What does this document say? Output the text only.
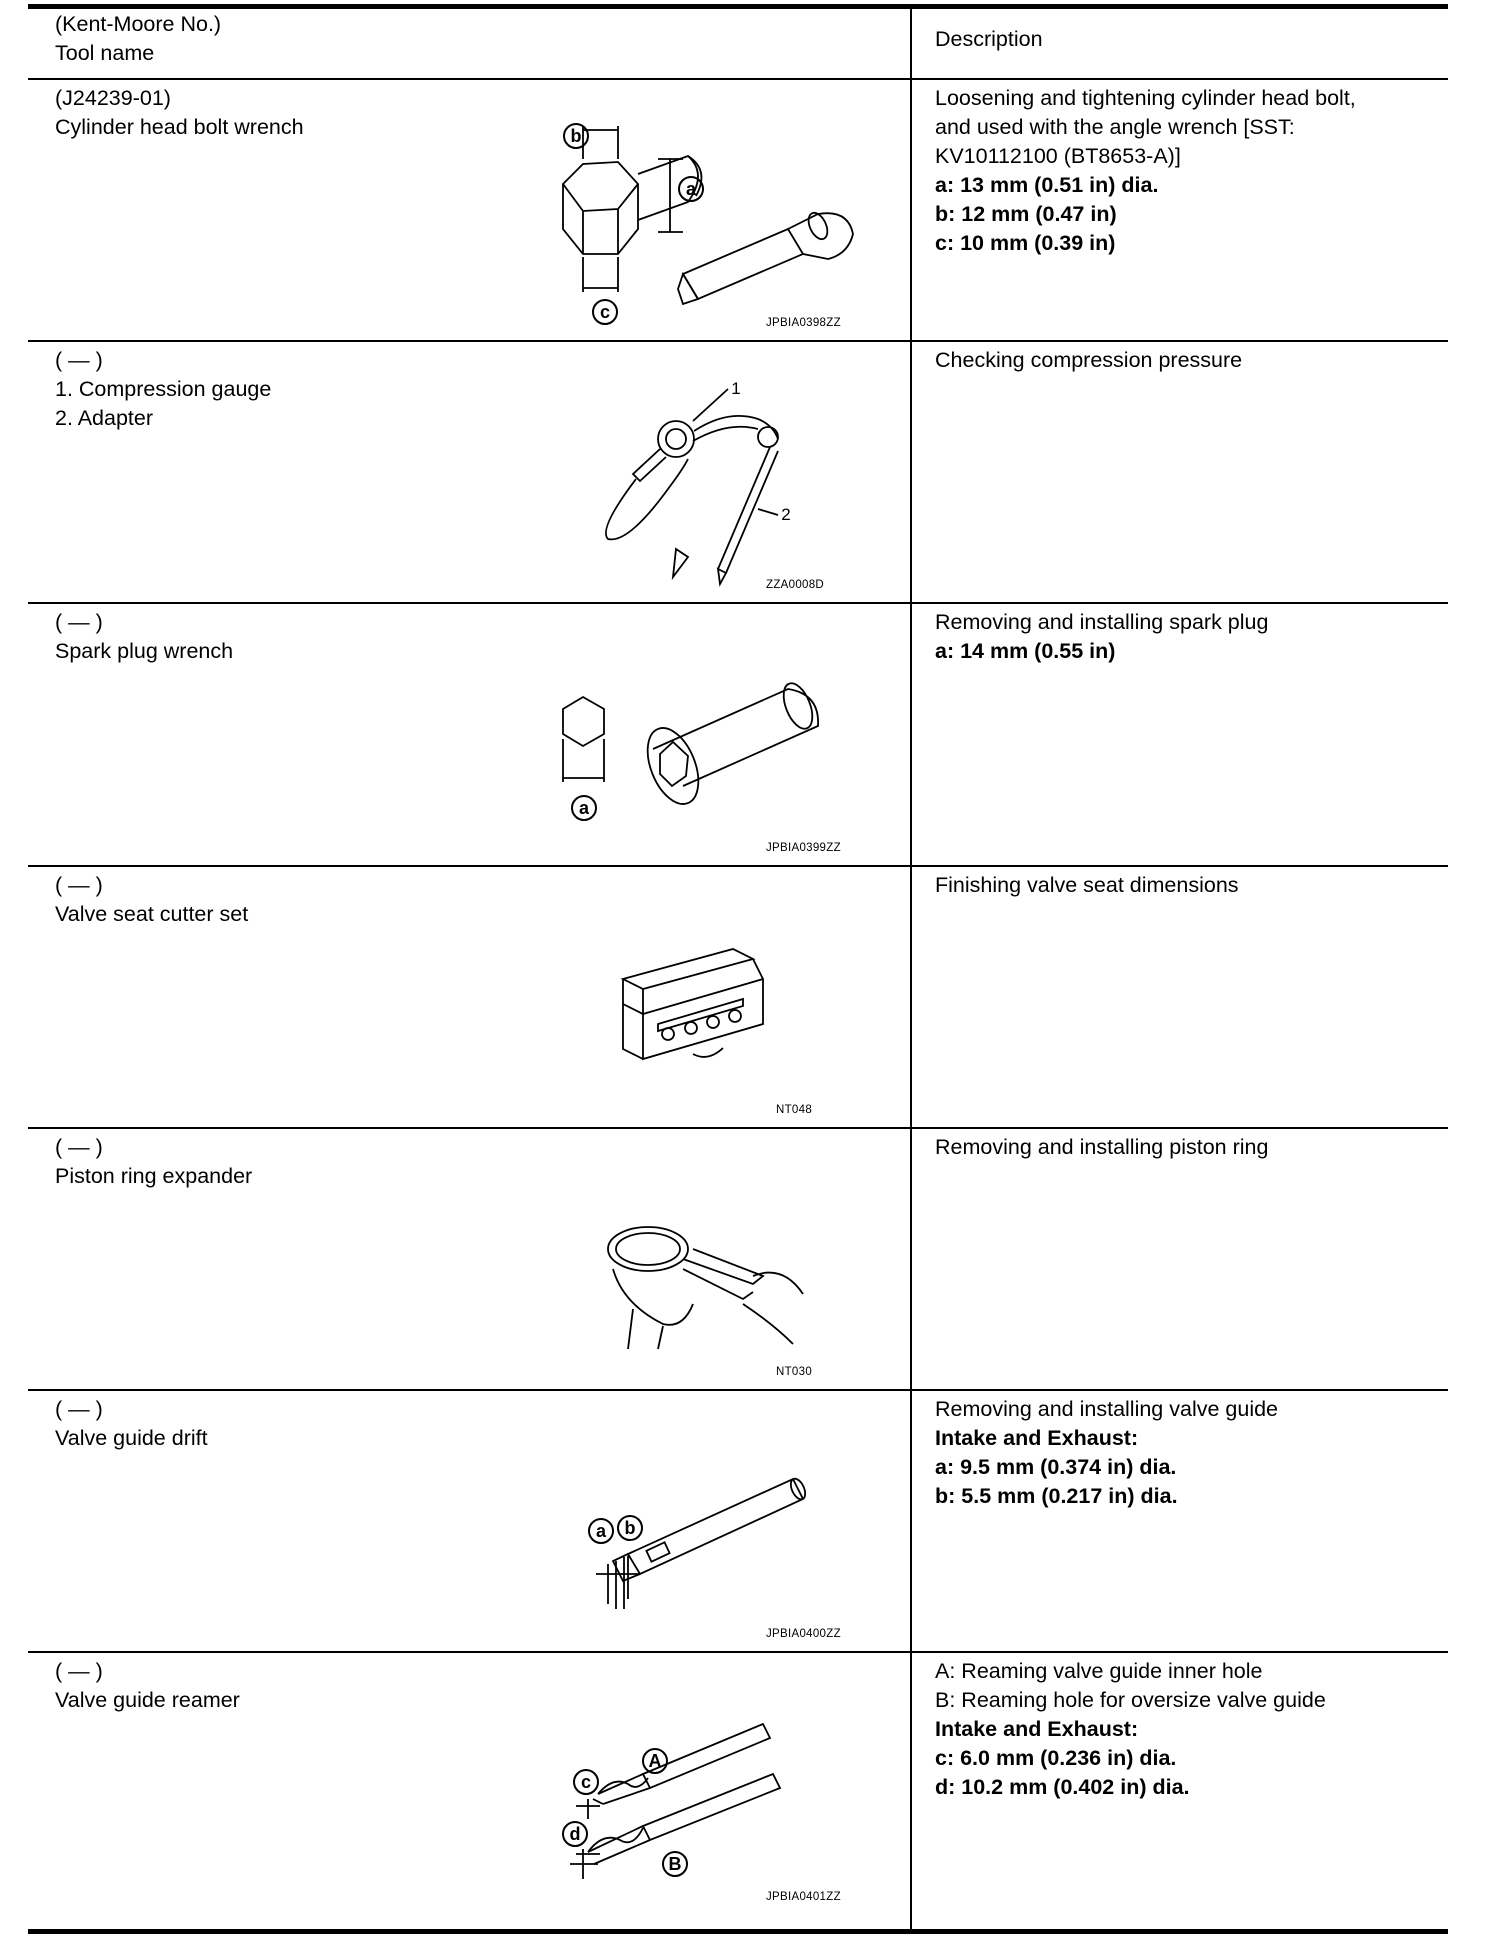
(Kent-Moore No.)
Tool name
Description
(J24239-01)
Cylinder head bolt wrench
Loosening and tightening cylinder head bolt,
and used with the angle wrench [SST:
KV10112100 (BT8653-A)]
a: 13 mm (0.51 in) dia.
b: 12 mm (0.47 in)
c: 10 mm (0.39 in)
b
a
c
JPBIA0398ZZ
( — )
1. Compression gauge
2. Adapter
Checking compression pressure
1
2
ZZA0008D
( — )
Spark plug wrench
Removing and installing spark plug
a: 14 mm (0.55 in)
a
JPBIA0399ZZ
( — )
Valve seat cutter set
Finishing valve seat dimensions
NT048
( — )
Piston ring expander
Removing and installing piston ring
NT030
( — )
Valve guide drift
Removing and installing valve guide
Intake and Exhaust:
a: 9.5 mm (0.374 in) dia.
b: 5.5 mm (0.217 in) dia.
a b
JPBIA0400ZZ
( — )
Valve guide reamer
A: Reaming valve guide inner hole
B: Reaming hole for oversize valve guide
Intake and Exhaust:
c: 6.0 mm (0.236 in) dia.
d: 10.2 mm (0.402 in) dia.
c
A
d
B
JPBIA0401ZZ
